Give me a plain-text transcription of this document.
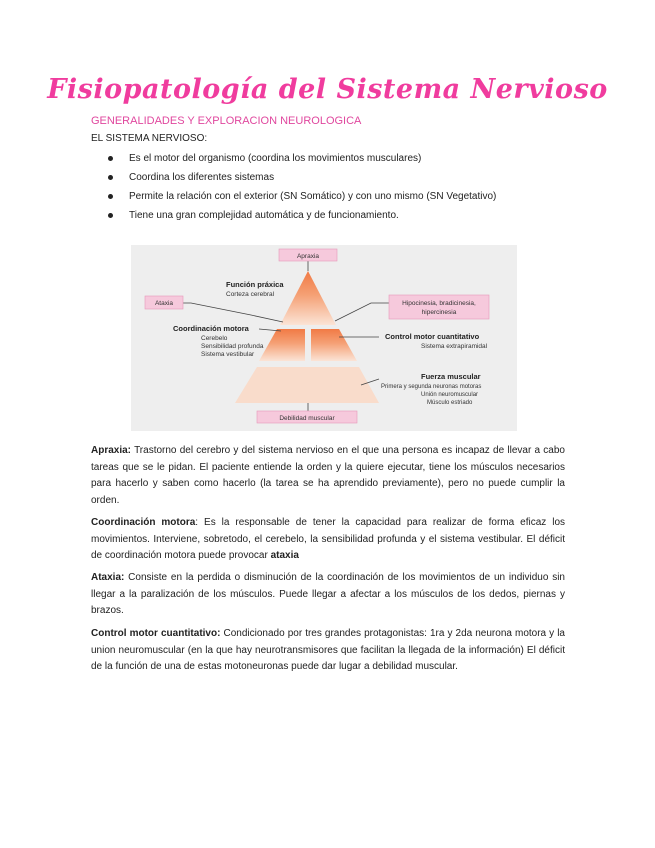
Fisiopatología del Sistema Nervioso
GENERALIDADES Y EXPLORACION NEUROLOGICA
EL SISTEMA NERVIOSO:
Es el motor del organismo (coordina los movimientos musculares)
Coordina los diferentes sistemas
Permite la relación con el exterior (SN Somático) y con uno mismo (SN Vegetativo)
Tiene una gran complejidad automática y de funcionamiento.
Apraxia
Ataxia	Hipocinesia, bradicinesia,
hipercinesia
Debilidad muscular
Función práxica
Corteza cerebral
Coordinación motora
Cerebelo
Sensibilidad profunda
Sistema vestibular
Control motor cuantitativo
Sistema extrapiramidal
Fuerza muscular
Primera y segunda neuronas motoras
Unión neuromuscular
Músculo estriado

Apraxia: Trastorno del cerebro y del sistema nervioso en el que una persona es incapaz de llevar a cabo tareas que se le pidan. El paciente entiende la orden y la quiere ejecutar, tiene los músculos necesarios para hacerlo y saben como hacerlo (la tarea se ha aprendido previamente), pero no puede cumplir la orden.

Coordinación motora: Es la responsable de tener la capacidad para realizar de forma eficaz los movimientos. Interviene, sobretodo, el cerebelo, la sensibilidad profunda y el sistema vestibular. El déficit de coordinación motora puede provocar ataxia

Ataxia: Consiste en la perdida o disminución de la coordinación de los movimientos de un individuo sin llegar a la paralización de los músculos. Puede llegar a afectar a los músculos de los dedos, piernas y brazos.

Control motor cuantitativo: Condicionado por tres grandes protagonistas: 1ra y 2da neurona motora y la union neuromuscular (en la que hay neurotransmisores que facilitan la llegada de la información) El déficit de la función de una de estas motoneuronas puede dar lugar a debilidad muscular.
